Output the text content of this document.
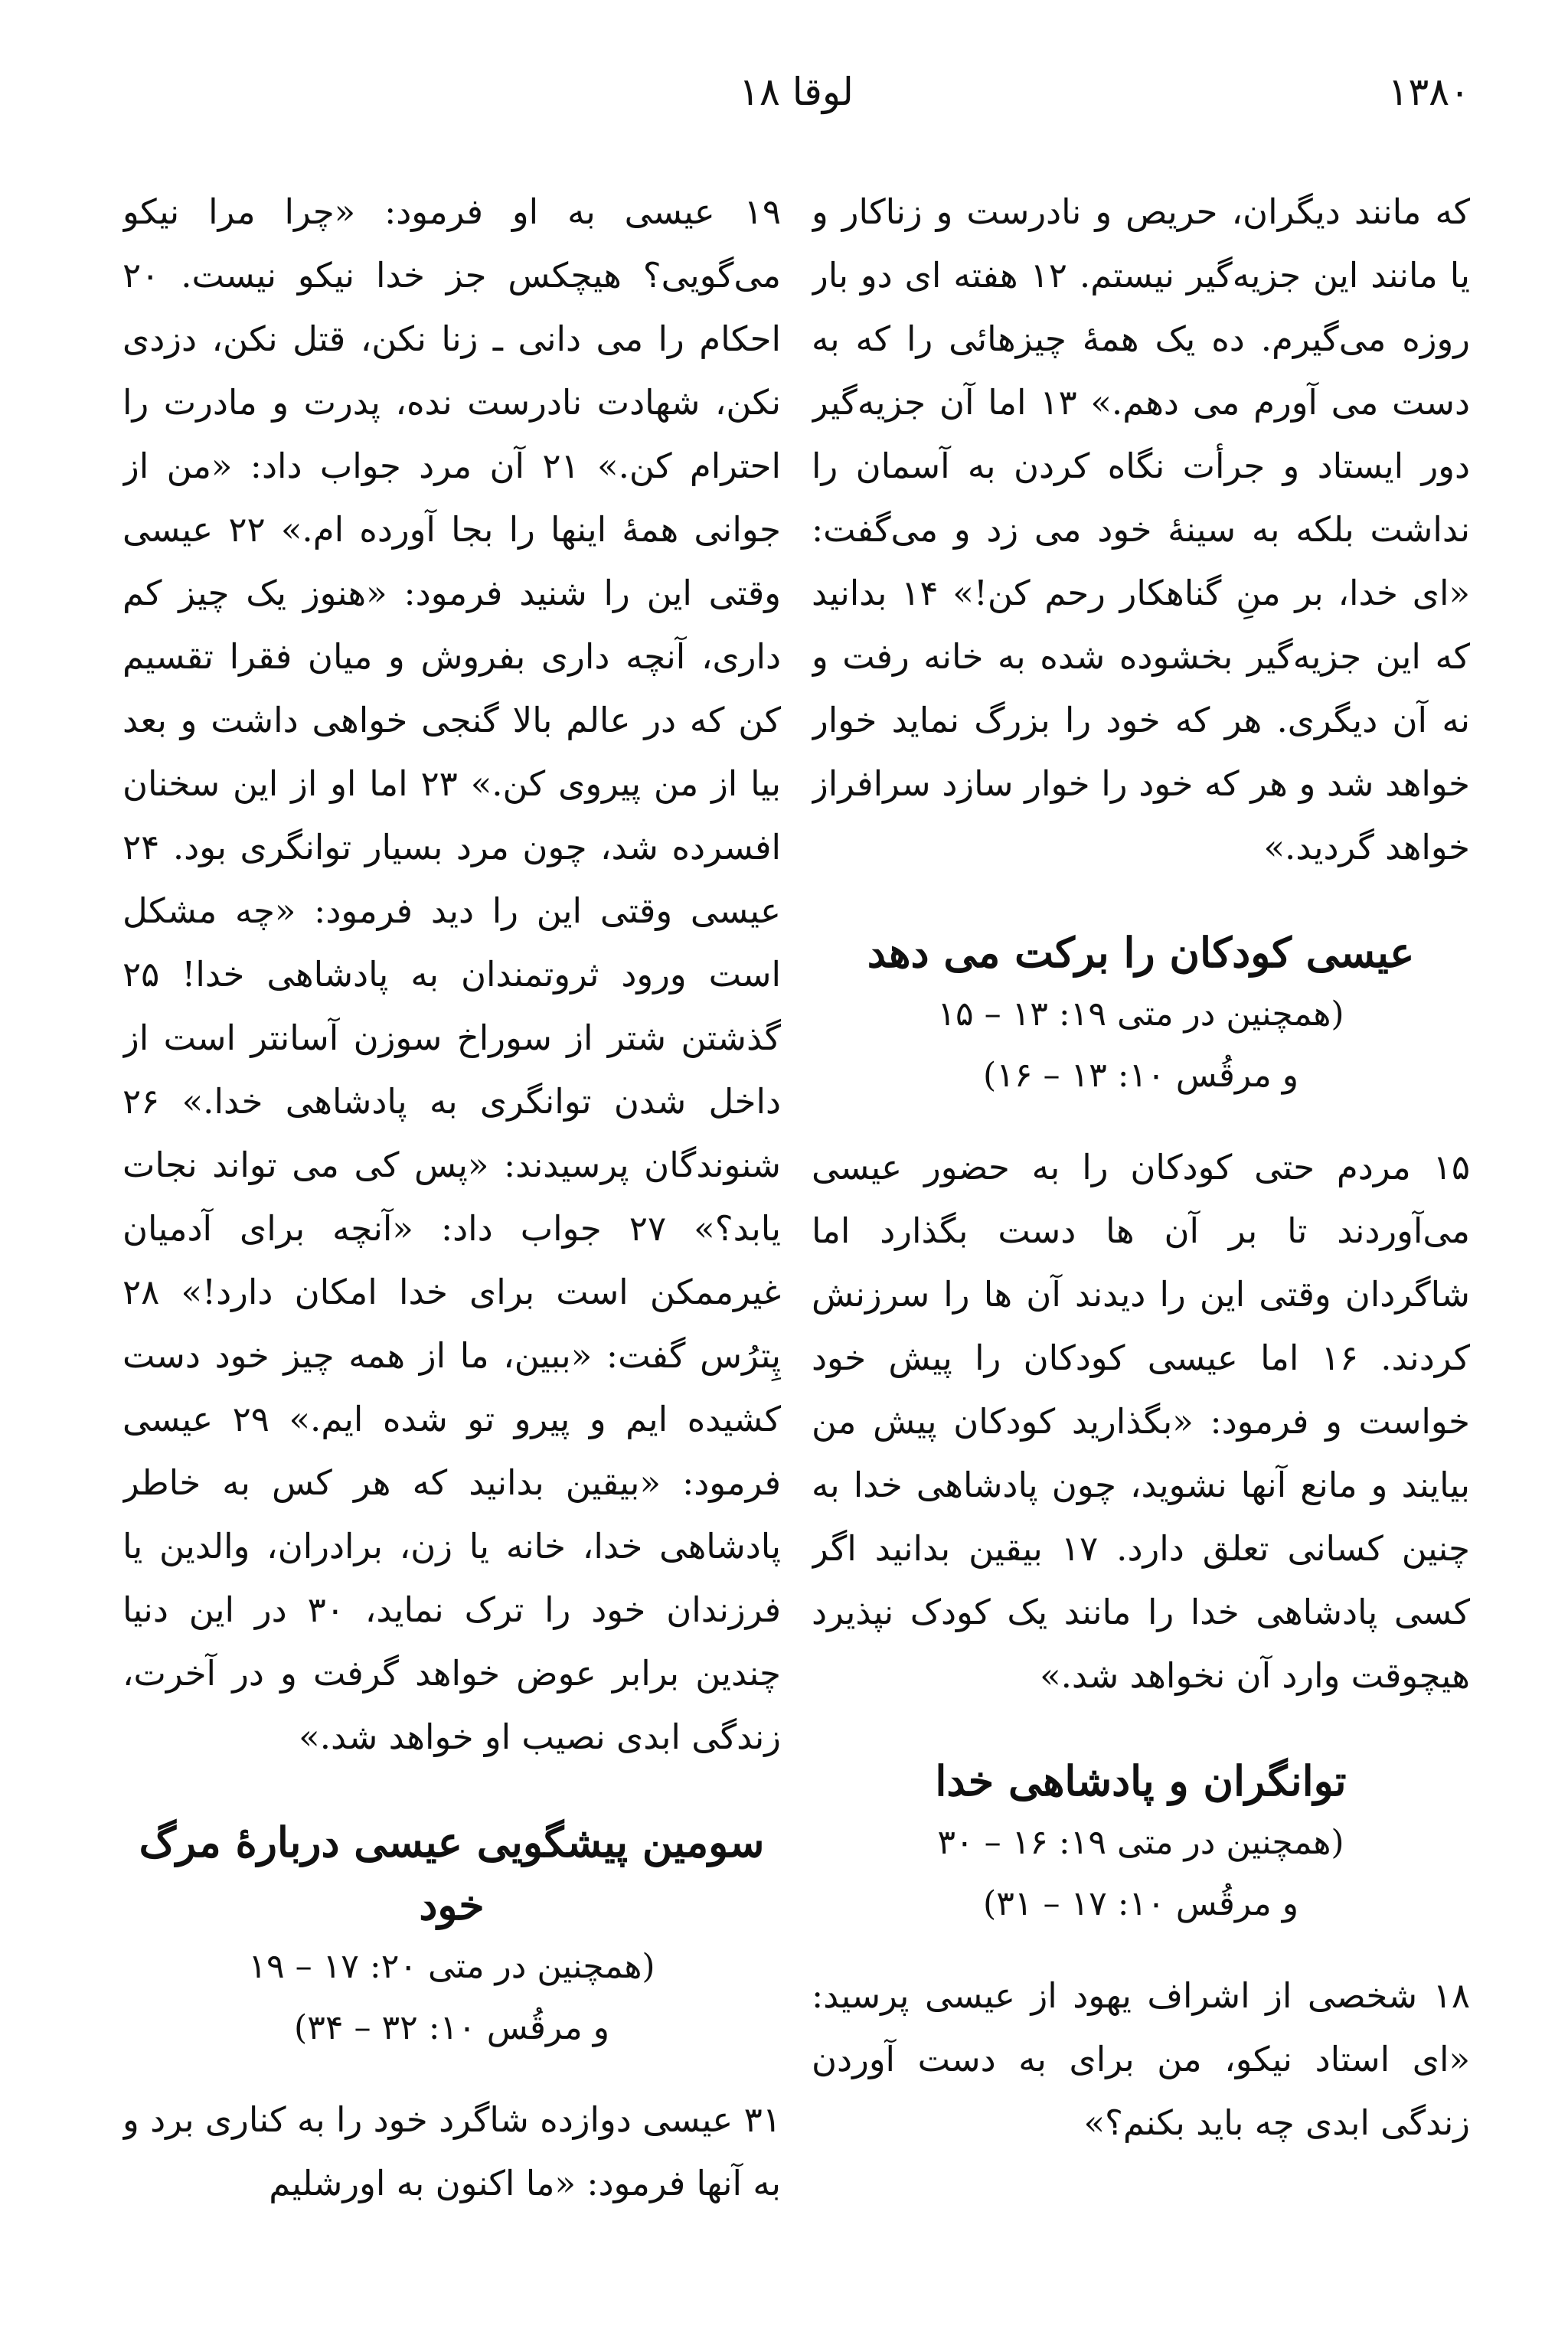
۱۳۸۰
لوقا ۱۸

که مانند دیگران، حریص و نادرست و زناکار و یا مانند این جزیه‌گیر نیستم. ۱۲ هفته ای دو بار روزه می‌گیرم. ده یک همهٔ چیزهائی را که به دست می آورم می دهم.» ۱۳ اما آن جزیه‌گیر دور ایستاد و جرأت نگاه کردن به آسمان را نداشت بلکه به سینهٔ خود می زد و می‌گفت: «ای خدا، بر منِ گناهکار رحم کن!» ۱۴ بدانید که این جزیه‌گیر بخشوده شده به خانه رفت و نه آن دیگری. هر که خود را بزرگ نماید خوار خواهد شد و هر که خود را خوار سازد سرافراز خواهد گردید.»

عیسی کودکان را برکت می دهد

(همچنین در متی ۱۹: ۱۳ – ۱۵

و مرقُس ۱۰: ۱۳ – ۱۶)

۱۵ مردم حتی کودکان را به حضور عیسی می‌آوردند تا بر آن ها دست بگذارد اما شاگردان وقتی این را دیدند آن ها را سرزنش کردند. ۱۶ اما عیسی کودکان را پیش خود خواست و فرمود: «بگذارید کودکان پیش من بیایند و مانع آنها نشوید، چون پادشاهی خدا به چنین کسانی تعلق دارد. ۱۷ بیقین بدانید اگر کسی پادشاهی خدا را مانند یک کودک نپذیرد هیچوقت وارد آن نخواهد شد.»

توانگران و پادشاهی خدا

(همچنین در متی ۱۹: ۱۶ – ۳۰

و مرقُس ۱۰: ۱۷ – ۳۱)

۱۸ شخصی از اشراف یهود از عیسی پرسید: «ای استاد نیکو، من برای به دست آوردن زندگی ابدی چه باید بکنم؟»

۱۹ عیسی به او فرمود: «چرا مرا نیکو می‌گویی؟ هیچکس جز خدا نیکو نیست. ۲۰ احکام را می دانی ـ زنا نکن، قتل نکن، دزدی نکن، شهادت نادرست نده، پدرت و مادرت را احترام کن.» ۲۱ آن مرد جواب داد: «من از جوانی همهٔ اینها را بجا آورده ام.» ۲۲ عیسی وقتی این را شنید فرمود: «هنوز یک چیز کم داری، آنچه داری بفروش و میان فقرا تقسیم کن که در عالم بالا گنجی خواهی داشت و بعد بیا از من پیروی کن.» ۲۳ اما او از این سخنان افسرده شد، چون مرد بسیار توانگری بود. ۲۴ عیسی وقتی این را دید فرمود: «چه مشکل است ورود ثروتمندان به پادشاهی خدا! ۲۵ گذشتن شتر از سوراخ سوزن آسانتر است از داخل شدن توانگری به پادشاهی خدا.» ۲۶ شنوندگان پرسیدند: «پس کی می تواند نجات یابد؟» ۲۷ جواب داد: «آنچه برای آدمیان غیرممکن است برای خدا امکان دارد!» ۲۸ پِترُس گفت: «ببین، ما از همه چیز خود دست کشیده ایم و پیرو تو شده ایم.» ۲۹ عیسی فرمود: «بیقین بدانید که هر کس به خاطر پادشاهی خدا، خانه یا زن، برادران، والدین یا فرزندان خود را ترک نماید، ۳۰ در این دنیا چندین برابر عوض خواهد گرفت و در آخرت، زندگی ابدی نصیب او خواهد شد.»

سومین پیشگویی عیسی دربارهٔ مرگ خود

(همچنین در متی ۲۰: ۱۷ – ۱۹

و مرقُس ۱۰: ۳۲ – ۳۴)

۳۱ عیسی دوازده شاگرد خود را به کناری برد و به آنها فرمود: «ما اکنون به اورشلیم
